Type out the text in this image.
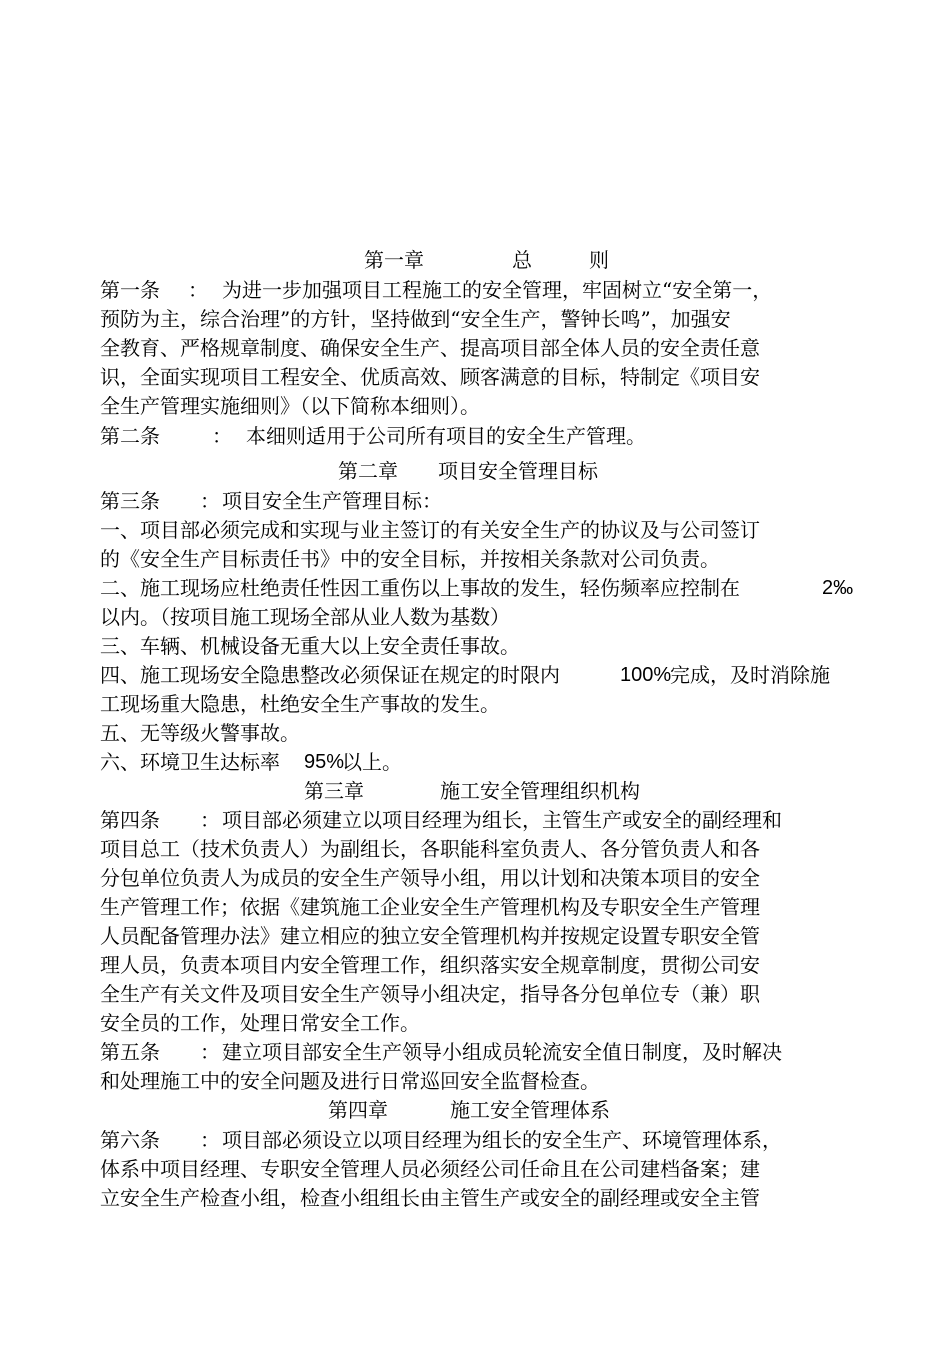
第一章	总	则
第一条 ： 为进一步加强项目工程施工的安全管理，牢固树立“安全第一，
预防为主，综合治理”的方针，坚持做到“安全生产，警钟长鸣”，加强安
全教育、严格规章制度、确保安全生产、提高项目部全体人员的安全责任意
识，全面实现项目工程安全、优质高效、顾客满意的目标，特制定《项目安
全生产管理实施细则》（以下简称本细则）。
第二条	： 本细则适用于公司所有项目的安全生产管理。
第二章 项目安全管理目标
第三条 ： 项目安全生产管理目标：
一、项目部必须完成和实现与业主签订的有关安全生产的协议及与公司签订
的《安全生产目标责任书》中的安全目标，并按相关条款对公司负责。
二、施工现场应杜绝责任性因工重伤以上事故的发生，轻伤频率应控制在	2‰
以内。（按项目施工现场全部从业人数为基数）
三、车辆、机械设备无重大以上安全责任事故。
四、施工现场安全隐患整改必须保证在规定的时限内	100%
完成，及时消除施
工现场重大隐患，杜绝安全生产事故的发生。
五、无等级火警事故。
六、环境卫生达标率 95%
以上。
第三章	施工安全管理组织机构
第四条 ： 项目部必须建立以项目经理为组长，主管生产或安全的副经理和
项目总工（技术负责人）为副组长，各职能科室负责人、各分管负责人和各
分包单位负责人为成员的安全生产领导小组，用以计划和决策本项目的安全
生产管理工作；依据《建筑施工企业安全生产管理机构及专职安全生产管理
人员配备管理办法》建立相应的独立安全管理机构并按规定设置专职安全管
理人员，负责本项目内安全管理工作，组织落实安全规章制度，贯彻公司安
全生产有关文件及项目安全生产领导小组决定，指导各分包单位专（兼）职
安全员的工作，处理日常安全工作。
第五条 ： 建立项目部安全生产领导小组成员轮流安全值日制度，及时解决
和处理施工中的安全问题及进行日常巡回安全监督检查。
第四章	施工安全管理体系
第六条 ： 项目部必须设立以项目经理为组长的安全生产、环境管理体系，
体系中项目经理、专职安全管理人员必须经公司任命且在公司建档备案；建
立安全生产检查小组，检查小组组长由主管生产或安全的副经理或安全主管
